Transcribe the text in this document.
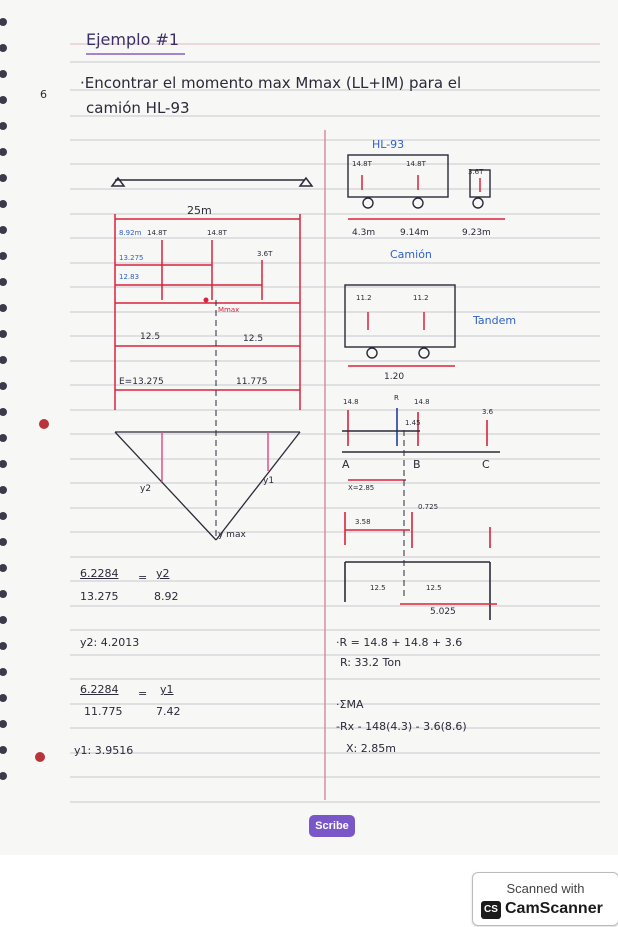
Ejemplo #1
6
·Encontrar el momento max Mmax (LL+IM) para el
camión HL-93
25m
8.92m 14.8T	14.8T
3.6T
13.275
12.83
Mmax
12.5	12.5
E=13.275	11.775
y2
y1
y max
6.2284 = y2
13.275	8.92
y2: 4.2013
6.2284 = y1
11.775	7.42
y1: 3.9516
HL-93
14.8T	14.8T
3.6T
4.3m	9.14m	9.23m
Camión
11.2	11.2
Tandem
1.20
14.8	R 14.8
3.6
1.45
A	B	C
X=2.85
0.725
3.58
12.5	12.5
5.025
·R = 14.8 + 14.8 + 3.6
R: 33.2 Ton
·ΣMA
-Rx - 148(4.3) - 3.6(8.6)
X: 2.85m
Scribe
Scanned with
CS CamScanner
